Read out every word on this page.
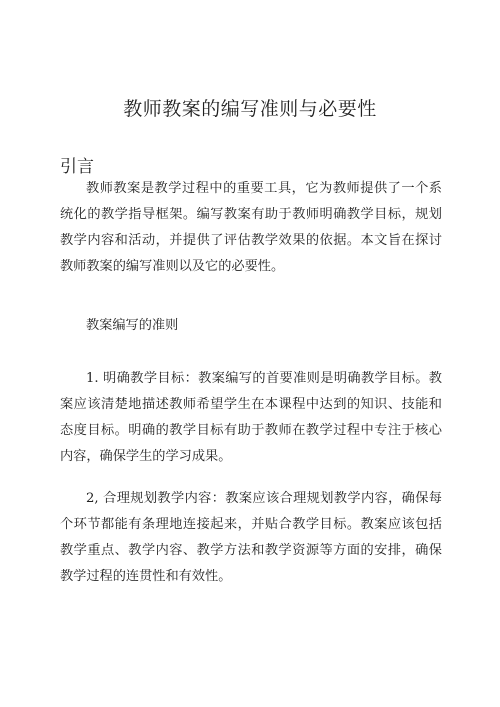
教师教案的编写准则与必要性
引言

教师教案是教学过程中的重要工具，它为教师提供了一个系统化的教学指导框架。编写教案有助于教师明确教学目标，规划教学内容和活动，并提供了评估教学效果的依据。本文旨在探讨教师教案的编写准则以及它的必要性。

教案编写的准则

1. 明确教学目标：教案编写的首要准则是明确教学目标。教案应该清楚地描述教师希望学生在本课程中达到的知识、技能和态度目标。明确的教学目标有助于教师在教学过程中专注于核心内容，确保学生的学习成果。

2, 合理规划教学内容：教案应该合理规划教学内容，确保每个环节都能有条理地连接起来，并贴合教学目标。教案应该包括教学重点、教学内容、教学方法和教学资源等方面的安排，确保教学过程的连贯性和有效性。
